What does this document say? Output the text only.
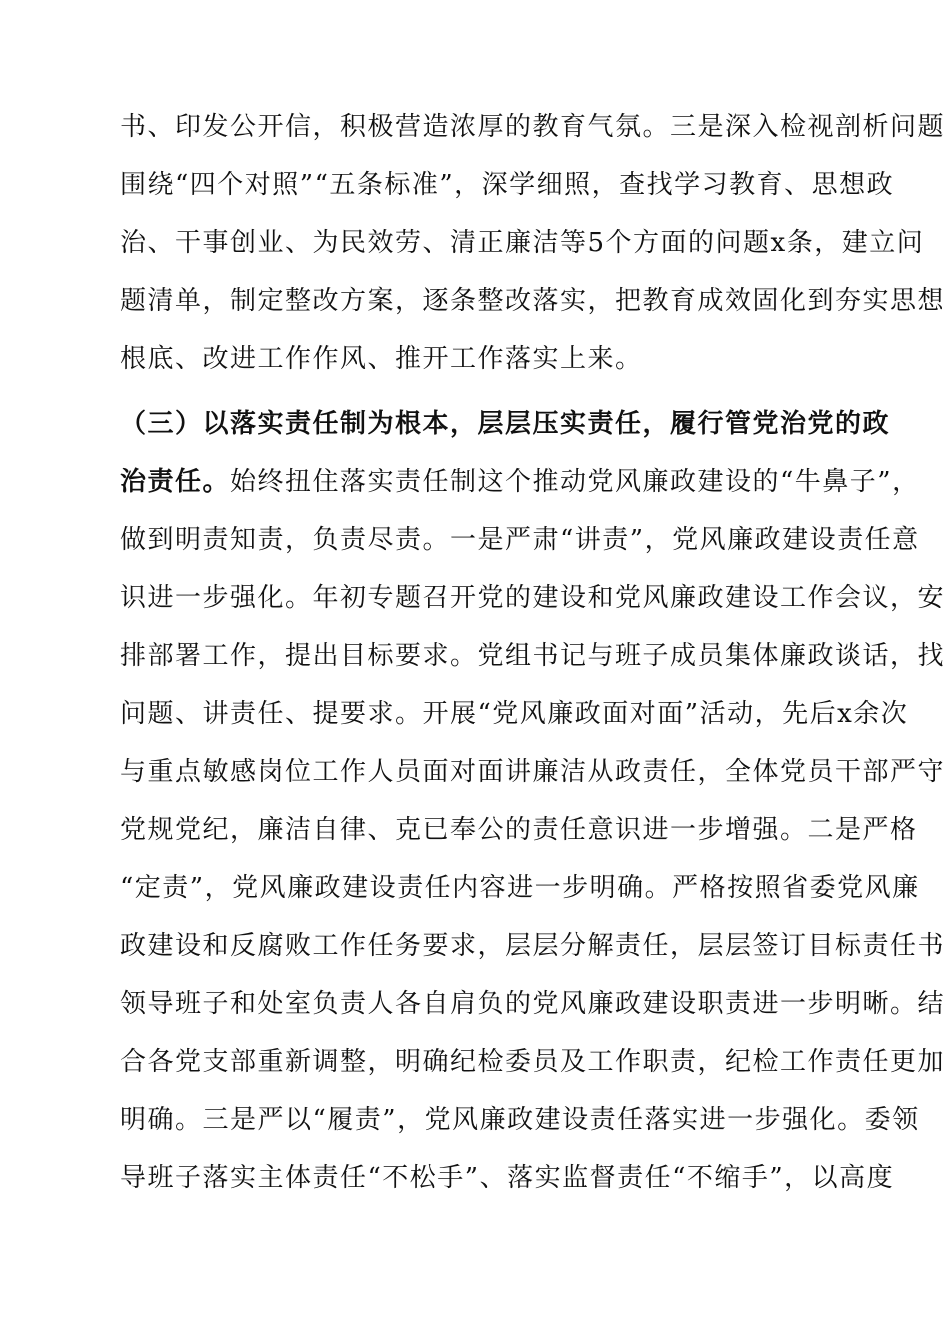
书、印发公开信，积极营造浓厚的教育气氛。三是深入检视剖析问题
围绕“四个对照”“五条标准”，深学细照，查找学习教育、思想政
治、干事创业、为民效劳、清正廉洁等5个方面的问题x条，建立问
题清单，制定整改方案，逐条整改落实，把教育成效固化到夯实思想
根底、改进工作作风、推开工作落实上来。
（三）以落实责任制为根本，层层压实责任，履行管党治党的政
治责任。始终扭住落实责任制这个推动党风廉政建设的“牛鼻子”，
做到明责知责，负责尽责。一是严肃“讲责”，党风廉政建设责任意
识进一步强化。年初专题召开党的建设和党风廉政建设工作会议，安
排部署工作，提出目标要求。党组书记与班子成员集体廉政谈话，找
问题、讲责任、提要求。开展“党风廉政面对面”活动，先后x余次
与重点敏感岗位工作人员面对面讲廉洁从政责任，全体党员干部严守
党规党纪，廉洁自律、克已奉公的责任意识进一步增强。二是严格
“定责”，党风廉政建设责任内容进一步明确。严格按照省委党风廉
政建设和反腐败工作任务要求，层层分解责任，层层签订目标责任书
领导班子和处室负责人各自肩负的党风廉政建设职责进一步明晰。结
合各党支部重新调整，明确纪检委员及工作职责，纪检工作责任更加
明确。三是严以“履责”，党风廉政建设责任落实进一步强化。委领
导班子落实主体责任“不松手”、落实监督责任“不缩手”，以高度
